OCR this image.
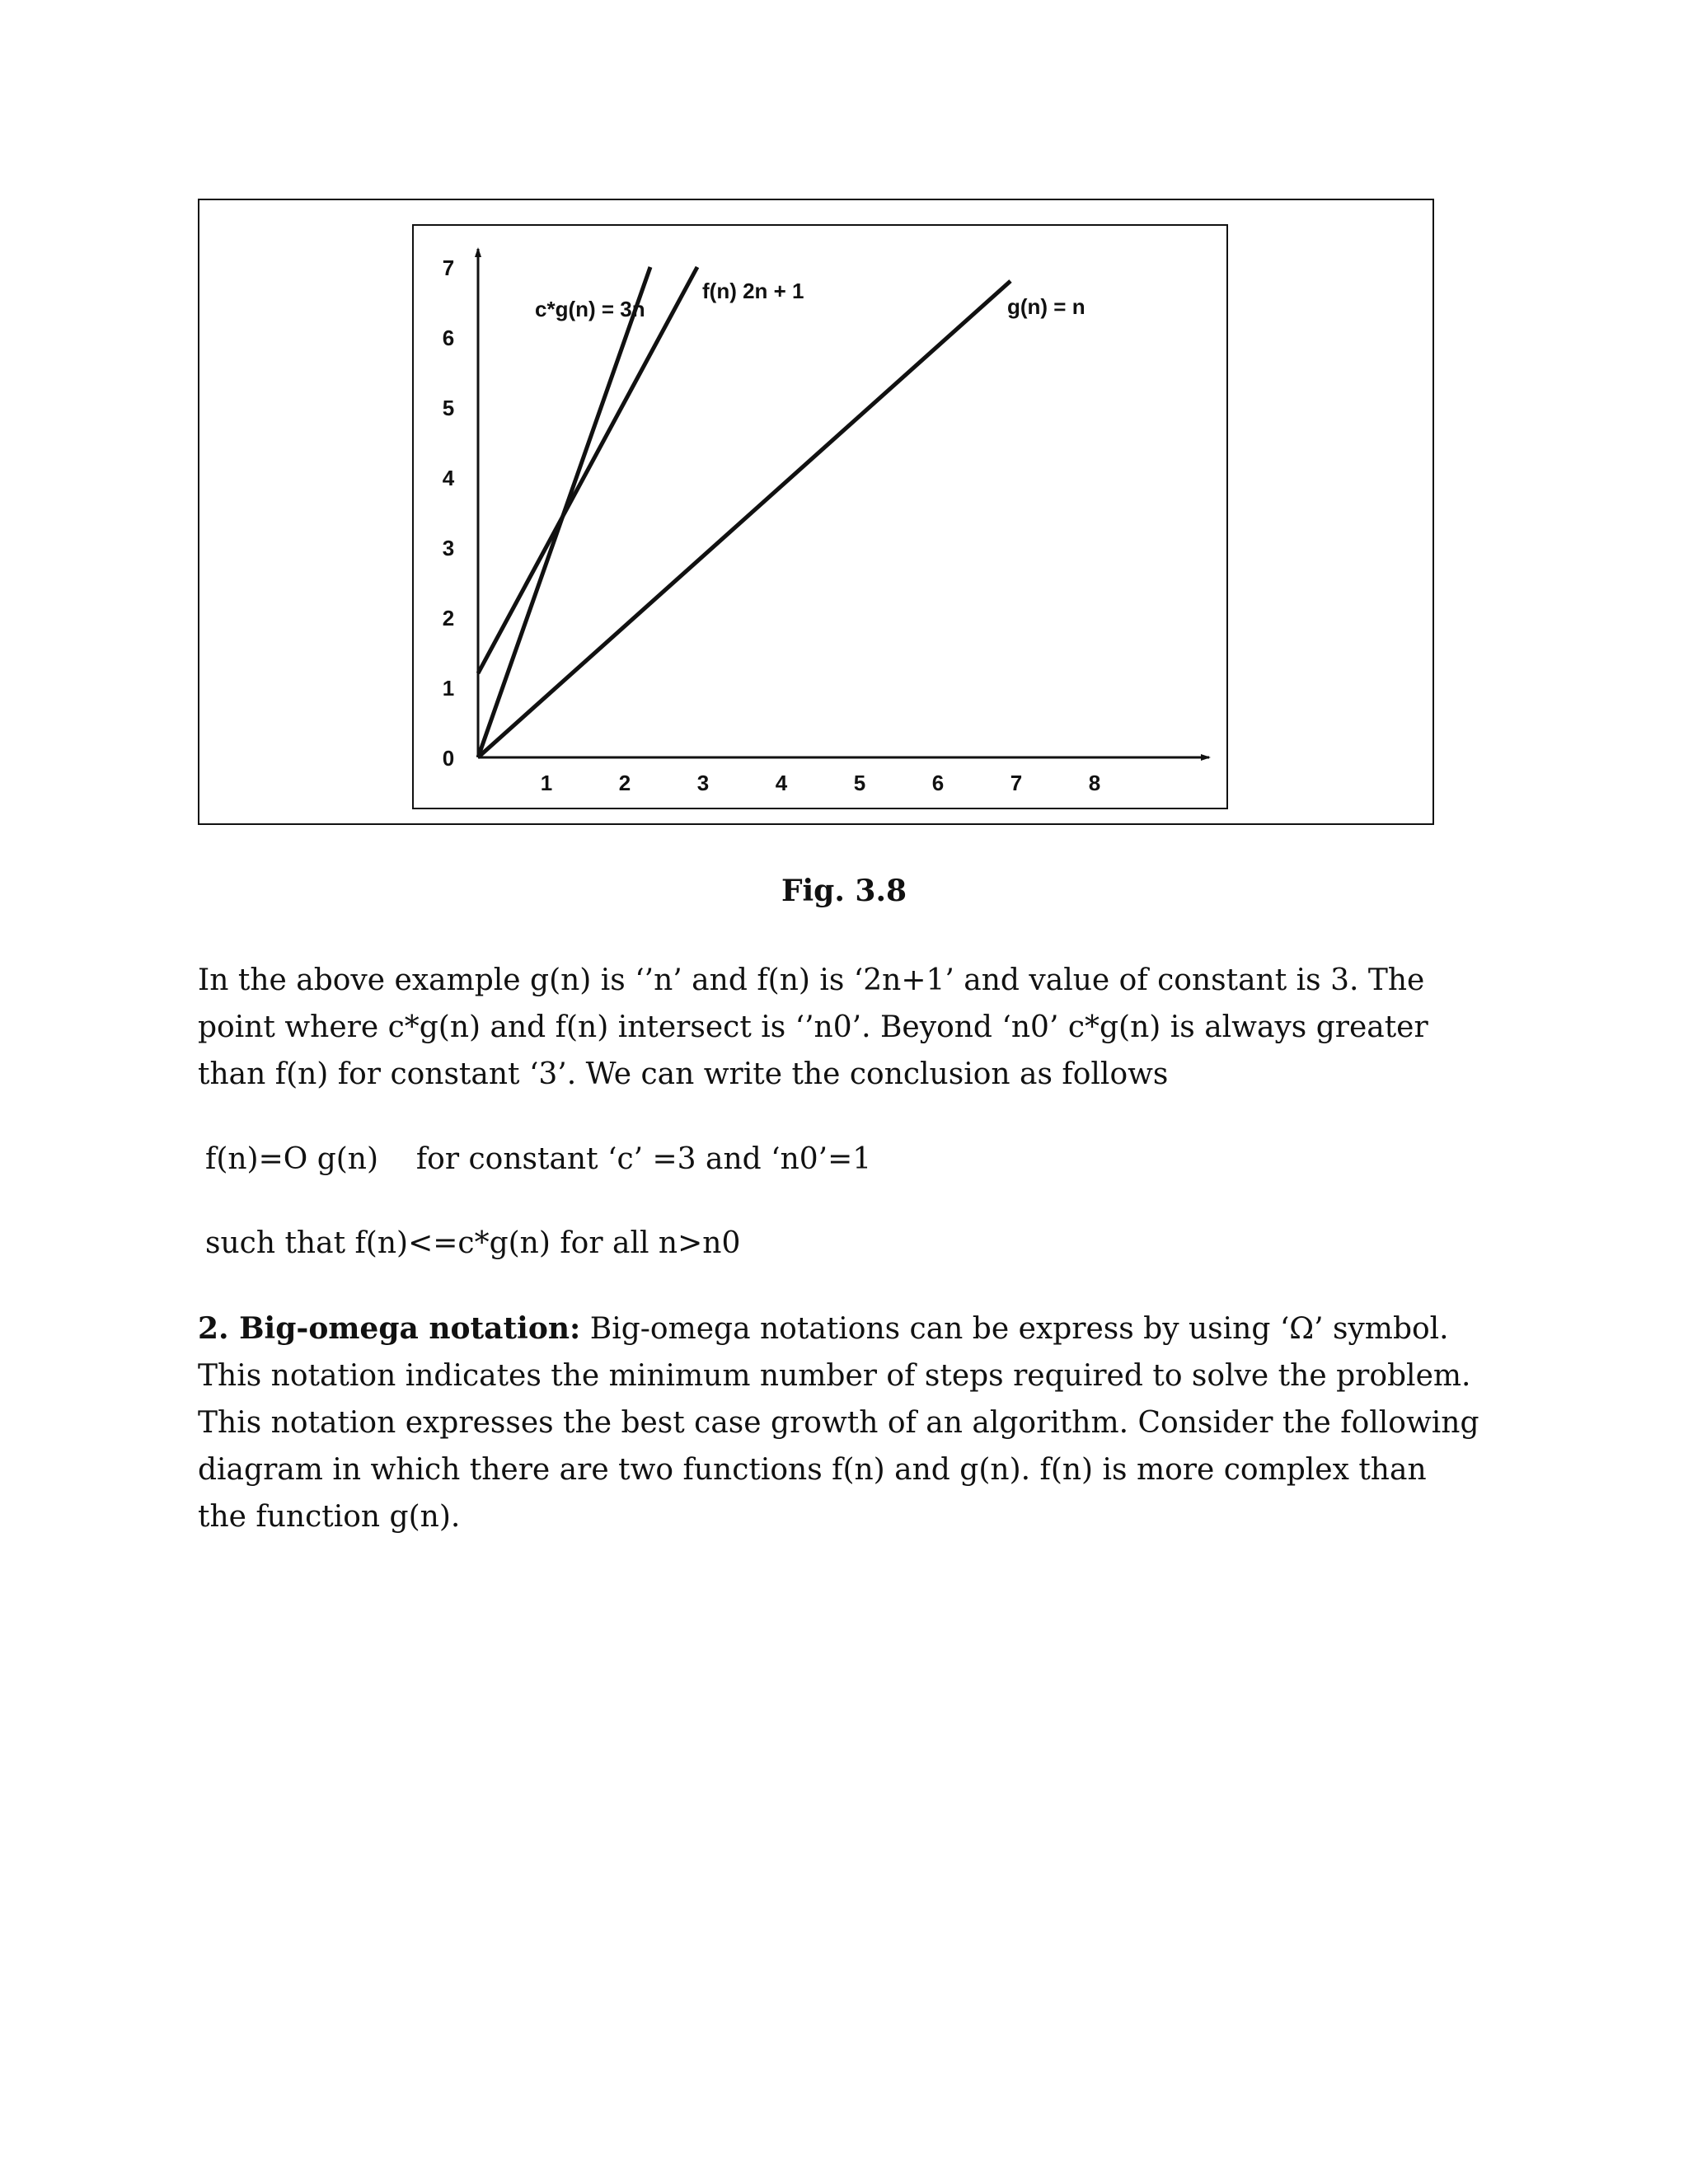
1	2	3	4	5	6	7	8
0
1
2
3
4
5
6
7
c*g(n) = 3n
f(n) 2n + 1
g(n) = n
Fig. 3.8

In the above example g(n) is ‘’n’ and f(n) is ‘2n+1’ and value of constant is 3. The point where c*g(n) and f(n) intersect is ‘’n0’. Beyond ‘n0’ c*g(n) is always greater than f(n) for constant ‘3’. We can write the conclusion as follows

f(n)=O g(n) for constant ‘c’ =3 and ‘n0’=1
such that f(n)<=c*g(n) for all n>n0

2. Big-omega notation: Big-omega notations can be express by using ‘Ω’ symbol. This notation indicates the minimum number of steps required to solve the problem. This notation expresses the best case growth of an algorithm. Consider the following diagram in which there are two functions f(n) and g(n). f(n) is more complex than the function g(n).
